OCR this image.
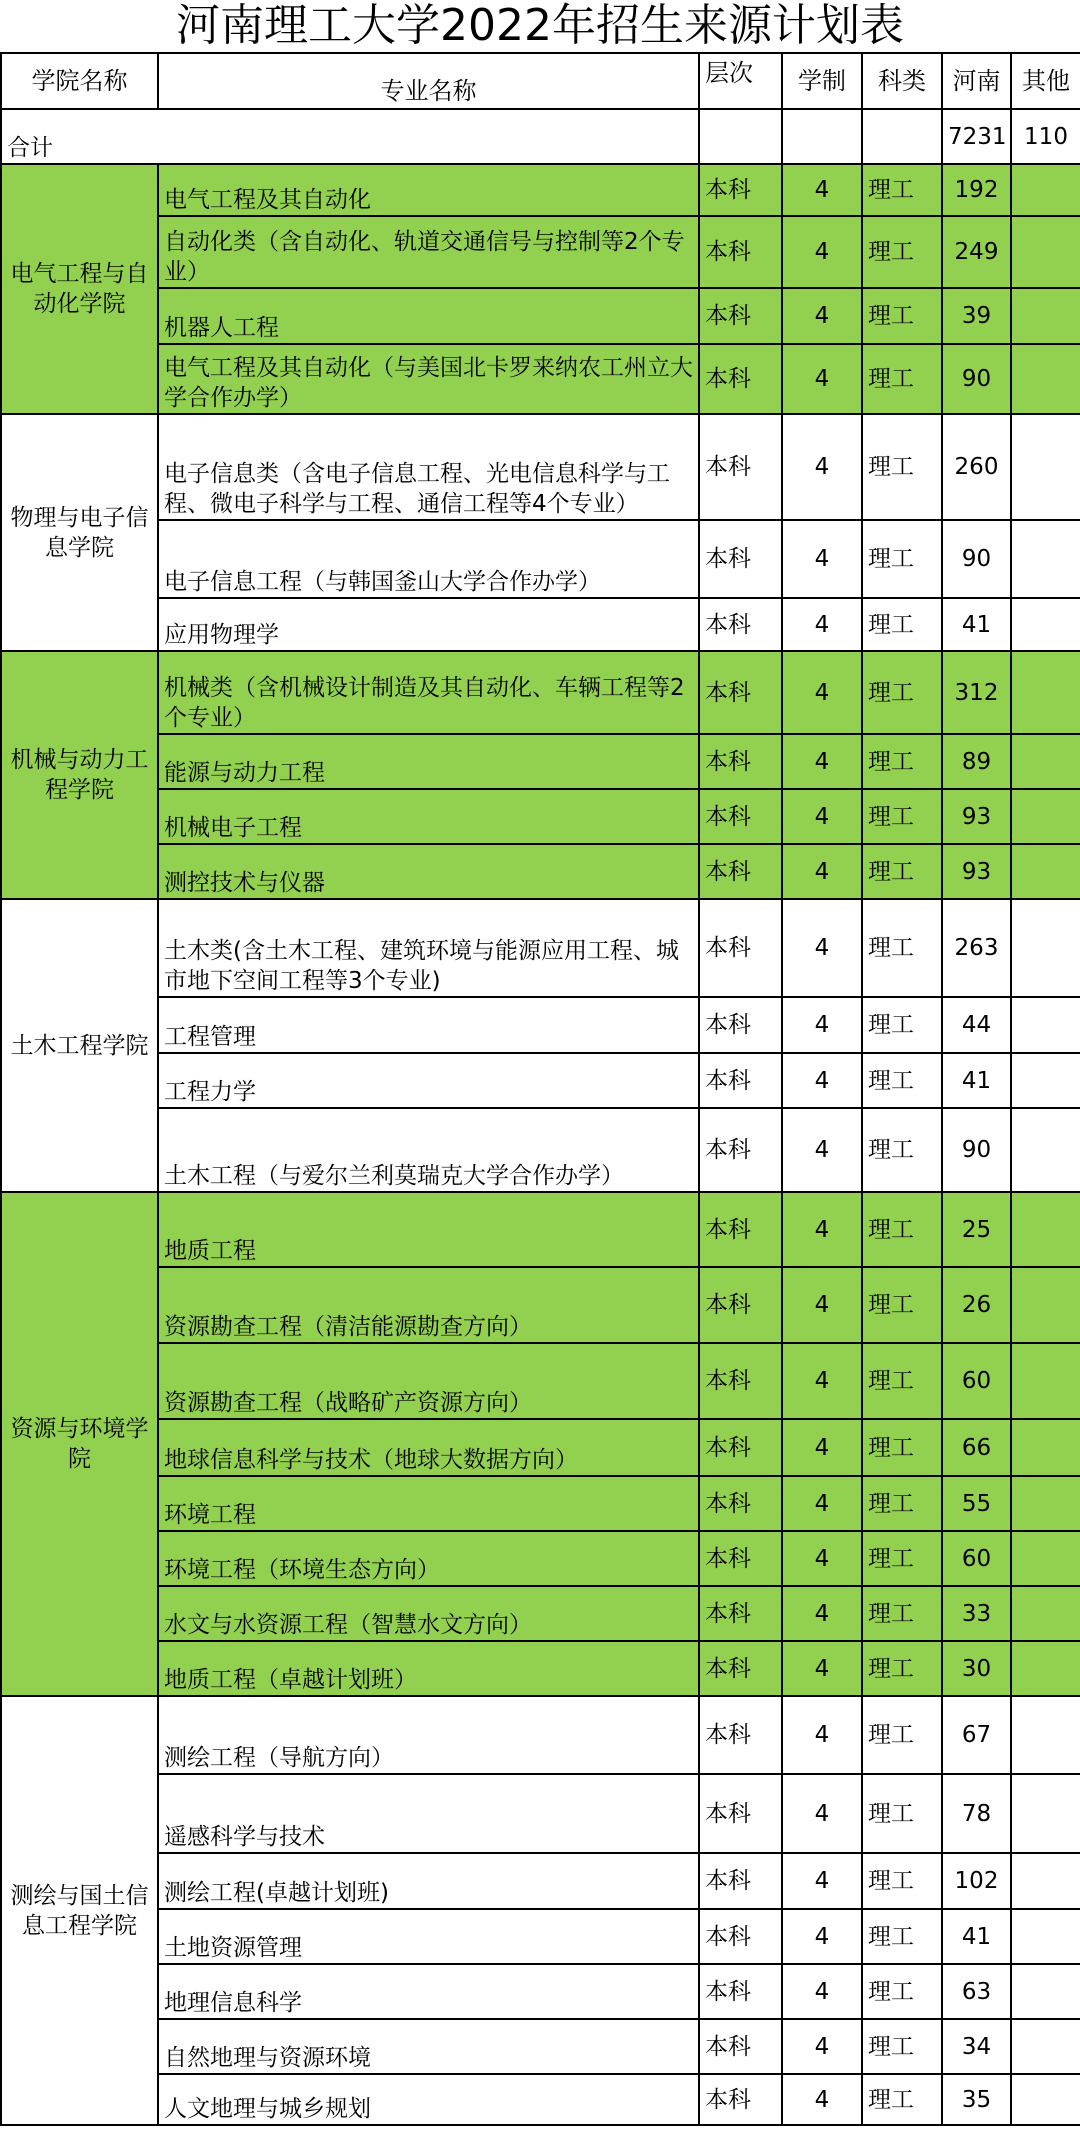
河南理工大学2022年招生来源计划表
学院名称	专业名称	层次	学制	科类	河南	其他
合计					7231	110
电气工程与自动化学院	电气工程及其自动化	本科	4	理工	192	
	自动化类（含自动化、轨道交通信号与控制等2个专业）	本科	4	理工	249	
	机器人工程	本科	4	理工	39	
	电气工程及其自动化（与美国北卡罗来纳农工州立大学合作办学）	本科	4	理工	90	
物理与电子信息学院	电子信息类（含电子信息工程、光电信息科学与工程、微电子科学与工程、通信工程等4个专业）	本科	4	理工	260	
	电子信息工程（与韩国釜山大学合作办学）	本科	4	理工	90	
	应用物理学	本科	4	理工	41	
机械与动力工程学院	机械类（含机械设计制造及其自动化、车辆工程等2个专业）	本科	4	理工	312	
	能源与动力工程	本科	4	理工	89	
	机械电子工程	本科	4	理工	93	
	测控技术与仪器	本科	4	理工	93	
土木工程学院	土木类(含土木工程、建筑环境与能源应用工程、城市地下空间工程等3个专业)	本科	4	理工	263	
	工程管理	本科	4	理工	44	
	工程力学	本科	4	理工	41	
	土木工程（与爱尔兰利莫瑞克大学合作办学）	本科	4	理工	90	
资源与环境学院	地质工程	本科	4	理工	25	
	资源勘查工程（清洁能源勘查方向）	本科	4	理工	26	
	资源勘查工程（战略矿产资源方向）	本科	4	理工	60	
	地球信息科学与技术（地球大数据方向）	本科	4	理工	66	
	环境工程	本科	4	理工	55	
	环境工程（环境生态方向）	本科	4	理工	60	
	水文与水资源工程（智慧水文方向）	本科	4	理工	33	
	地质工程（卓越计划班）	本科	4	理工	30	
测绘与国土信息工程学院	测绘工程（导航方向）	本科	4	理工	67	
	遥感科学与技术	本科	4	理工	78	
	测绘工程(卓越计划班)	本科	4	理工	102	
	土地资源管理	本科	4	理工	41	
	地理信息科学	本科	4	理工	63	
	自然地理与资源环境	本科	4	理工	34	
	人文地理与城乡规划	本科	4	理工	35	
